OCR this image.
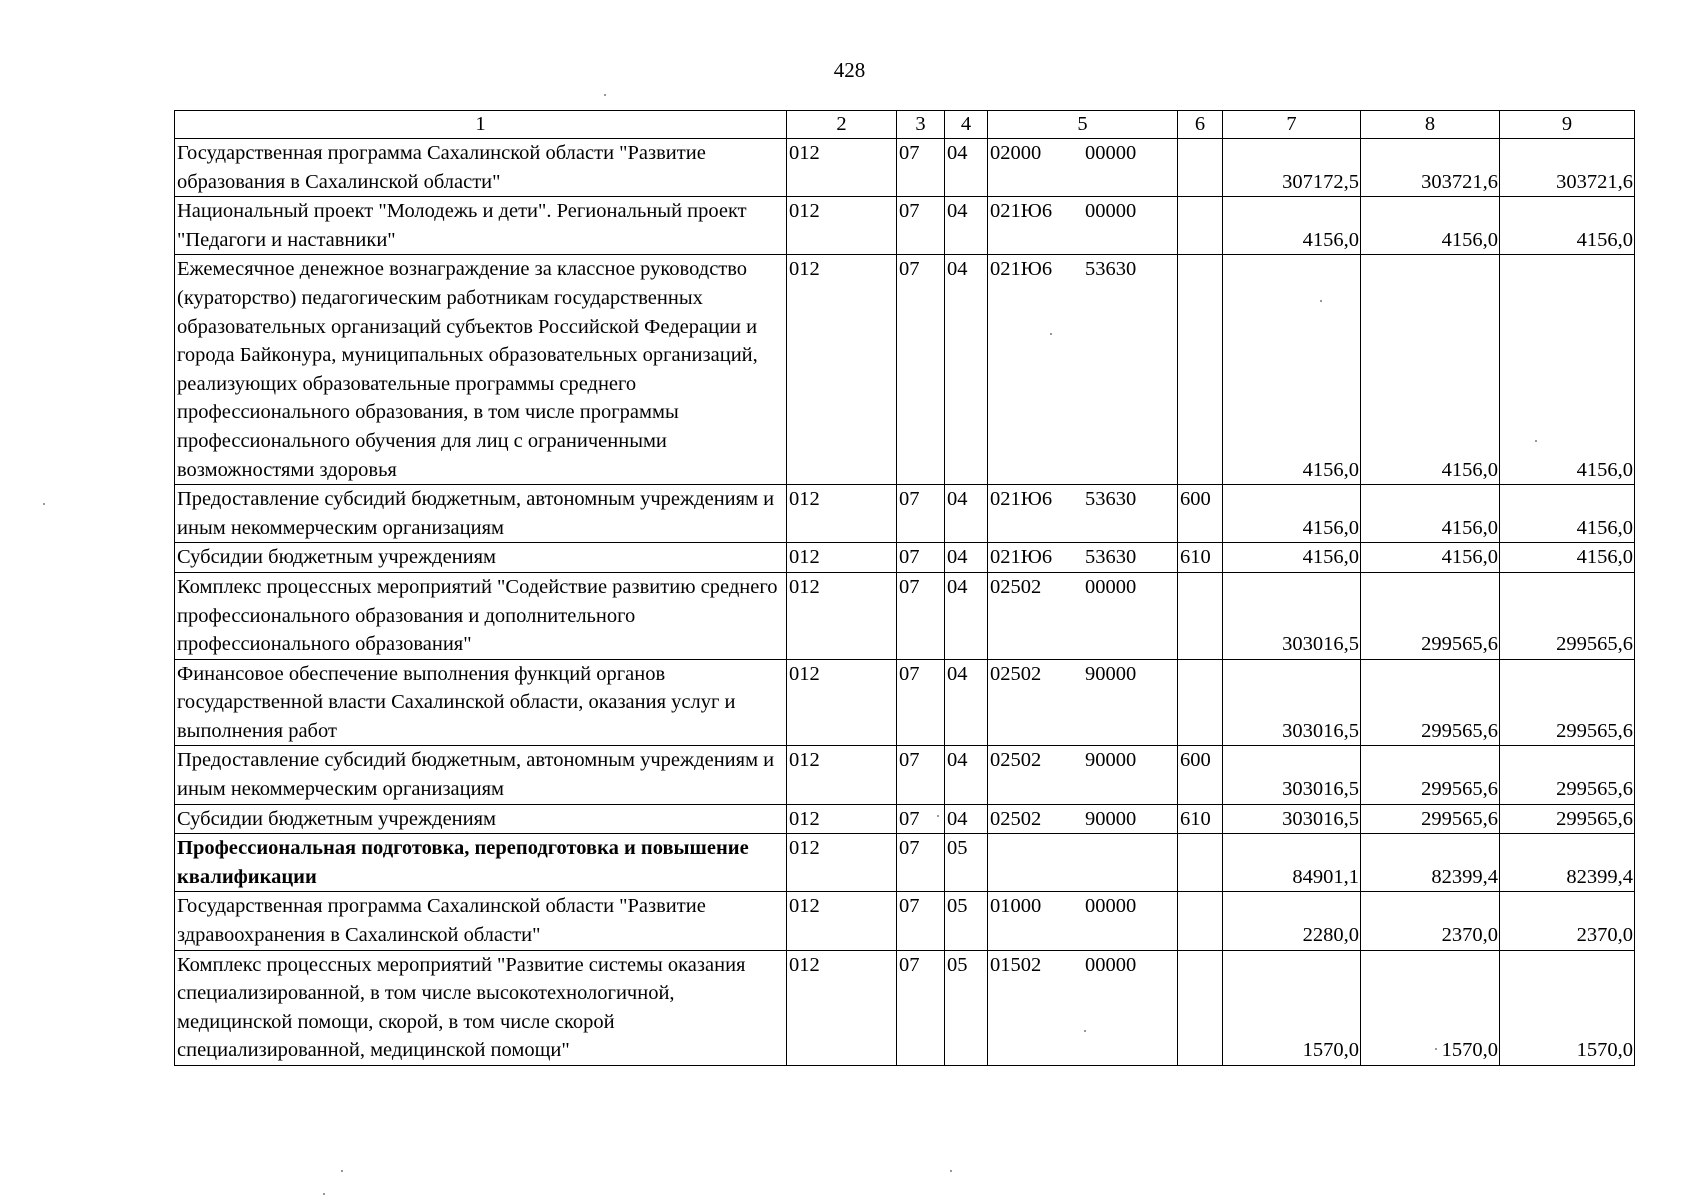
428
1	2	3	4	5	6	7	8	9
Государственная программа Сахалинской области "Развитие образования в Сахалинской области"	012	07	04	02000 00000		307172,5	303721,6	303721,6
Национальный проект "Молодежь и дети". Региональный проект "Педагоги и наставники"	012	07	04	021Ю6 00000		4156,0	4156,0	4156,0
Ежемесячное денежное вознаграждение за классное руководство (кураторство) педагогическим работникам государственных образовательных организаций субъектов Российской Федерации и города Байконура, муниципальных образовательных организаций, реализующих образовательные программы среднего профессионального образования, в том числе программы профессионального обучения для лиц с ограниченными возможностями здоровья	012	07	04	021Ю6 53630		4156,0	4156,0	4156,0
Предоставление субсидий бюджетным, автономным учреждениям и иным некоммерческим организациям	012	07	04	021Ю6 53630	600	4156,0	4156,0	4156,0
Субсидии бюджетным учреждениям	012	07	04	021Ю6 53630	610	4156,0	4156,0	4156,0
Комплекс процессных мероприятий "Содействие развитию среднего профессионального образования и дополнительного профессионального образования"	012	07	04	02502 00000		303016,5	299565,6	299565,6
Финансовое обеспечение выполнения функций органов государственной власти Сахалинской области, оказания услуг и выполнения работ	012	07	04	02502 90000		303016,5	299565,6	299565,6
Предоставление субсидий бюджетным, автономным учреждениям и иным некоммерческим организациям	012	07	04	02502 90000	600	303016,5	299565,6	299565,6
Субсидии бюджетным учреждениям	012	07	04	02502 90000	610	303016,5	299565,6	299565,6
Профессиональная подготовка, переподготовка и повышение квалификации	012	07	05			84901,1	82399,4	82399,4
Государственная программа Сахалинской области "Развитие здравоохранения в Сахалинской области"	012	07	05	01000 00000		2280,0	2370,0	2370,0
Комплекс процессных мероприятий "Развитие системы оказания специализированной, в том числе высокотехнологичной, медицинской помощи, скорой, в том числе скорой специализированной, медицинской помощи"	012	07	05	01502 00000		1570,0	1570,0	1570,0
